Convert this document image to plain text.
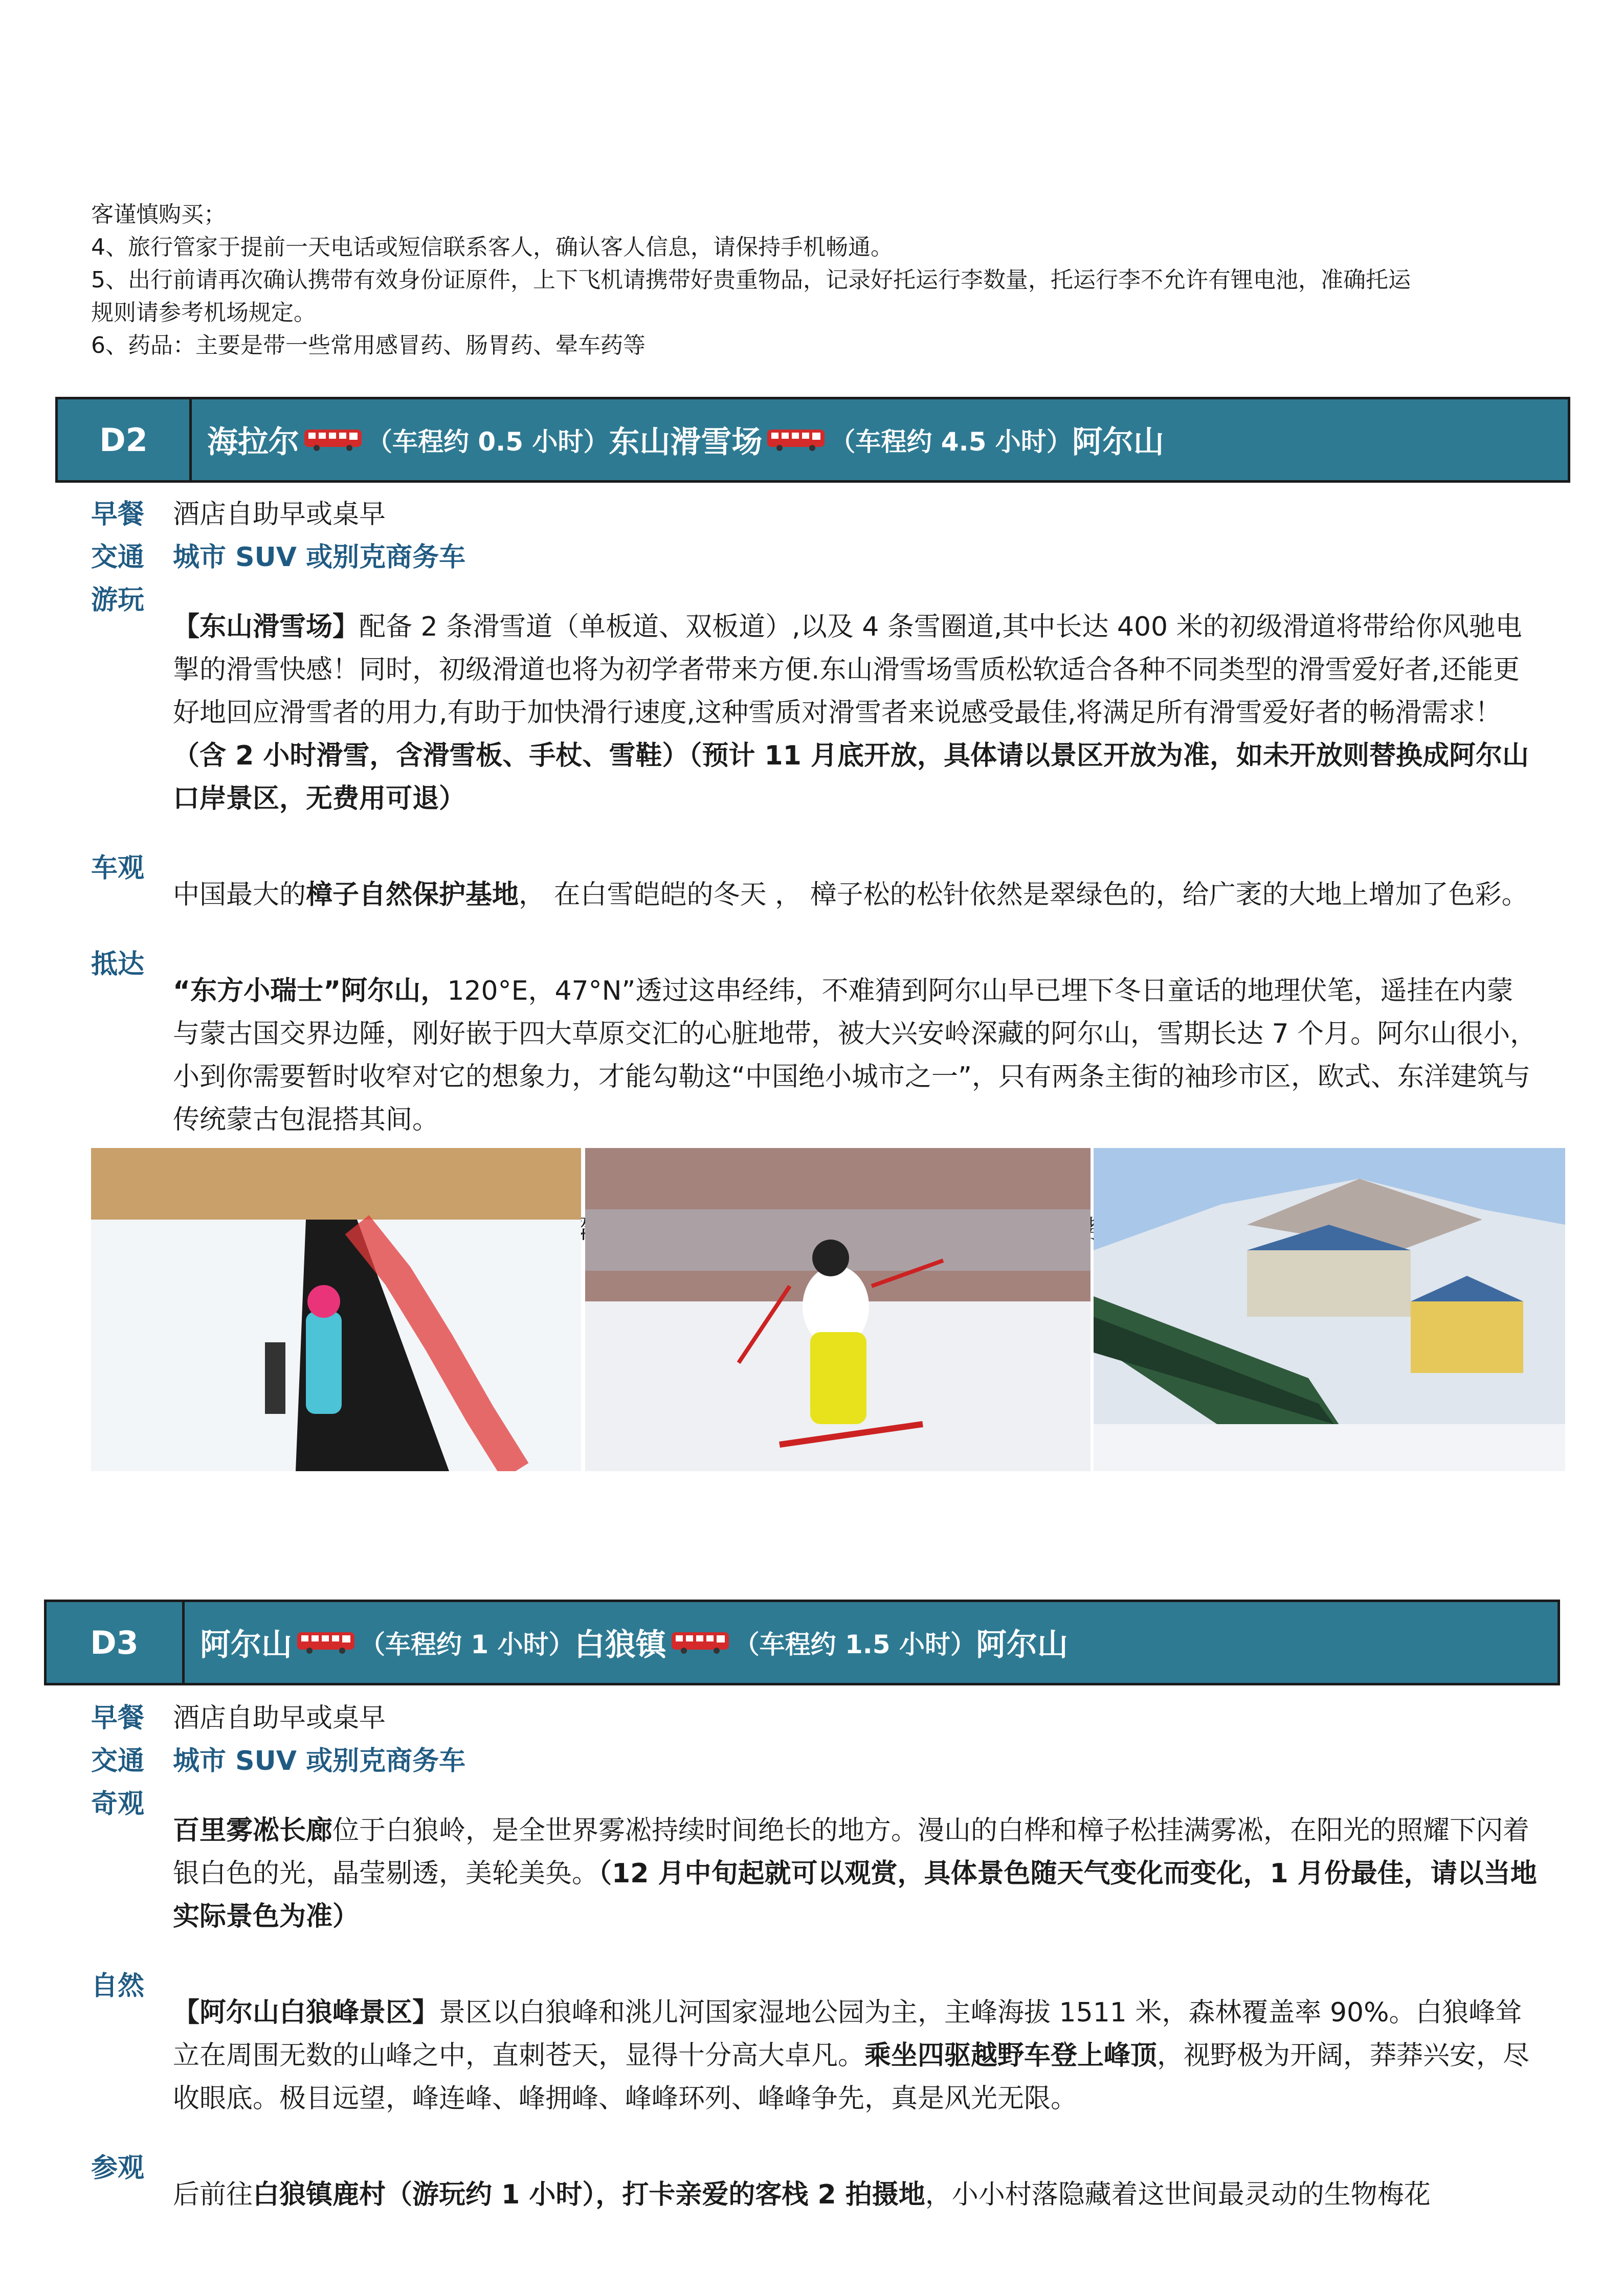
客谨慎购买；

4、旅行管家于提前一天电话或短信联系客人，确认客人信息，请保持手机畅通。

5、出行前请再次确认携带有效身份证原件，上下飞机请携带好贵重物品，记录好托运行李数量，托运行李不允许有锂电池，准确托运

规则请参考机场规定。

6、药品：主要是带一些常用感冒药、肠胃药、晕车药等

D2	海拉尔	（车程约 0.5 小时） 东山滑雪场	（车程约 4.5 小时） 阿尔山
早餐	酒店自助早或桌早
交通	城市 SUV 或别克商务车
游玩

【东山滑雪场】配备 2 条滑雪道（单板道、双板道）,以及 4 条雪圈道,其中长达 400 米的初级滑道将带给你风驰电掣的滑雪快感！同时，初级滑道也将为初学者带来方便.东山滑雪场雪质松软适合各种不同类型的滑雪爱好者,还能更好地回应滑雪者的用力,有助于加快滑行速度,这种雪质对滑雪者来说感受最佳,将满足所有滑雪爱好者的畅滑需求！（含 2 小时滑雪，含滑雪板、手杖、雪鞋）（预计 11 月底开放，具体请以景区开放为准，如未开放则替换成阿尔山口岸景区，无费用可退）

车观

中国最大的樟子自然保护基地， 在白雪皑皑的冬天 ， 樟子松的松针依然是翠绿色的，给广袤的大地上增加了色彩。

抵达

“东方小瑞士”阿尔山，120°E，47°N”透过这串经纬，不难猜到阿尔山早已埋下冬日童话的地理伏笔，遥挂在内蒙与蒙古国交界边陲，刚好嵌于四大草原交汇的心脏地带，被大兴安岭深藏的阿尔山，雪期长达 7 个月。阿尔山很小，小到你需要暂时收窄对它的想象力，才能勾勒这“中国绝小城市之一”，只有两条主街的袖珍市区，欧式、东洋建筑与传统蒙古包混搭其间。

D3	阿尔山	（车程约 1 小时） 白狼镇	（车程约 1.5 小时） 阿尔山
早餐	酒店自助早或桌早
交通	城市 SUV 或别克商务车
奇观

百里雾凇长廊位于白狼岭，是全世界雾凇持续时间绝长的地方。漫山的白桦和樟子松挂满雾凇，在阳光的照耀下闪着银白色的光，晶莹剔透，美轮美奂。（12 月中旬起就可以观赏，具体景色随天气变化而变化，1 月份最佳，请以当地实际景色为准）

自然

【阿尔山白狼峰景区】景区以白狼峰和洮儿河国家湿地公园为主，主峰海拔 1511 米，森林覆盖率 90%。白狼峰耸立在周围无数的山峰之中，直刺苍天，显得十分高大卓凡。乘坐四驱越野车登上峰顶，视野极为开阔，莽莽兴安，尽收眼底。极目远望，峰连峰、峰拥峰、峰峰环列、峰峰争先，真是风光无限。

参观

后前往白狼镇鹿村（游玩约 1 小时），打卡亲爱的客栈 2 拍摄地，小小村落隐藏着这世间最灵动的生物梅花
